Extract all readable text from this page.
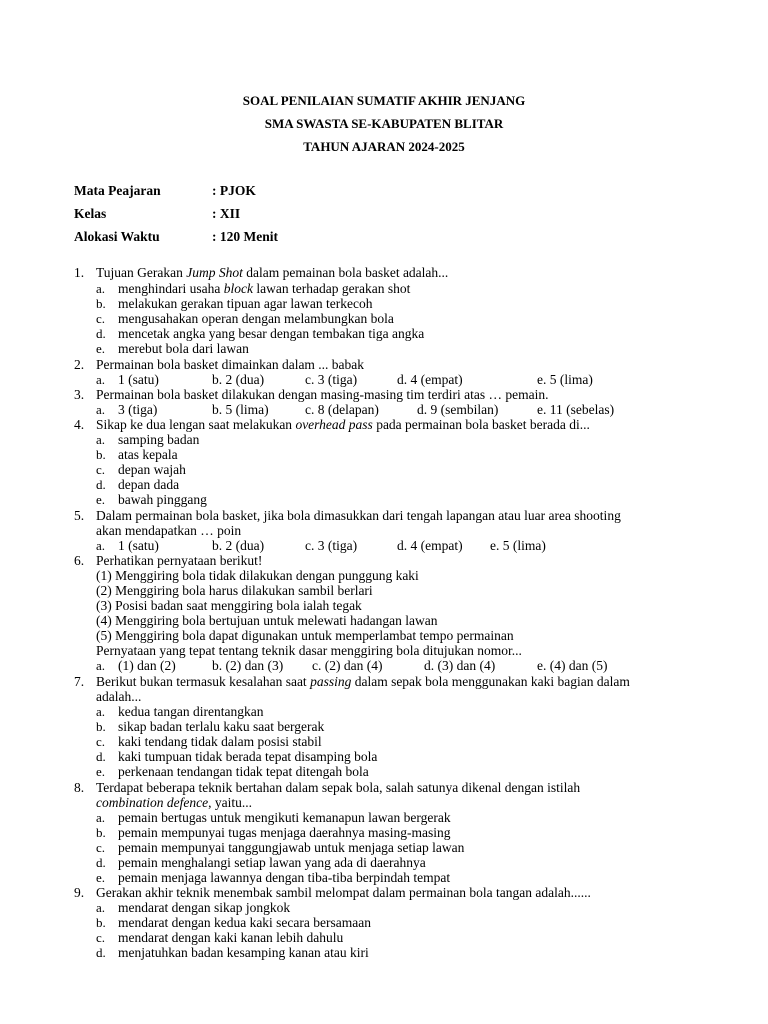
SOAL PENILAIAN SUMATIF AKHIR JENJANG
SMA SWASTA SE-KABUPATEN BLITAR
TAHUN AJARAN 2024-2025
Mata Peajaran	: PJOK
Kelas	: XII
Alokasi Waktu	: 120 Menit
1. Tujuan Gerakan Jump Shot dalam pemainan bola basket adalah...
a. menghindari usaha block lawan terhadap gerakan shot
b. melakukan gerakan tipuan agar lawan terkecoh
c. mengusahakan operan dengan melambungkan bola
d. mencetak angka yang besar dengan tembakan tiga angka
e. merebut bola dari lawan
2. Permainan bola basket dimainkan dalam ... babak
a. 1 (satu)	b. 2 (dua)	c. 3 (tiga)	d. 4 (empat)	e. 5 (lima)
3. Permainan bola basket dilakukan dengan masing-masing tim terdiri atas … pemain.
a. 3 (tiga)	b. 5 (lima)	c. 8 (delapan)	d. 9 (sembilan)	e. 11 (sebelas)
4. Sikap ke dua lengan saat melakukan overhead pass pada permainan bola basket berada di...
a. samping badan
b. atas kepala
c. depan wajah
d. depan dada
e. bawah pinggang
5. Dalam permainan bola basket, jika bola dimasukkan dari tengah lapangan atau luar area shooting
akan mendapatkan … poin
a. 1 (satu)	b. 2 (dua)	c. 3 (tiga)	d. 4 (empat) e. 5 (lima)
6. Perhatikan pernyataan berikut!
(1) Menggiring bola tidak dilakukan dengan punggung kaki
(2) Menggiring bola harus dilakukan sambil berlari
(3) Posisi badan saat menggiring bola ialah tegak
(4) Menggiring bola bertujuan untuk melewati hadangan lawan
(5) Menggiring bola dapat digunakan untuk memperlambat tempo permainan
Pernyataan yang tepat tentang teknik dasar menggiring bola ditujukan nomor...
a. (1) dan (2)	b. (2) dan (3) c. (2) dan (4)	d. (3) dan (4)	e. (4) dan (5)
7. Berikut bukan termasuk kesalahan saat passing dalam sepak bola menggunakan kaki bagian dalam
adalah...
a. kedua tangan direntangkan
b. sikap badan terlalu kaku saat bergerak
c. kaki tendang tidak dalam posisi stabil
d. kaki tumpuan tidak berada tepat disamping bola
e. perkenaan tendangan tidak tepat ditengah bola
8. Terdapat beberapa teknik bertahan dalam sepak bola, salah satunya dikenal dengan istilah
combination defence, yaitu...
a. pemain bertugas untuk mengikuti kemanapun lawan bergerak
b. pemain mempunyai tugas menjaga daerahnya masing-masing
c. pemain mempunyai tanggungjawab untuk menjaga setiap lawan
d. pemain menghalangi setiap lawan yang ada di daerahnya
e. pemain menjaga lawannya dengan tiba-tiba berpindah tempat
9. Gerakan akhir teknik menembak sambil melompat dalam permainan bola tangan adalah......
a. mendarat dengan sikap jongkok
b. mendarat dengan kedua kaki secara bersamaan
c. mendarat dengan kaki kanan lebih dahulu
d. menjatuhkan badan kesamping kanan atau kiri
